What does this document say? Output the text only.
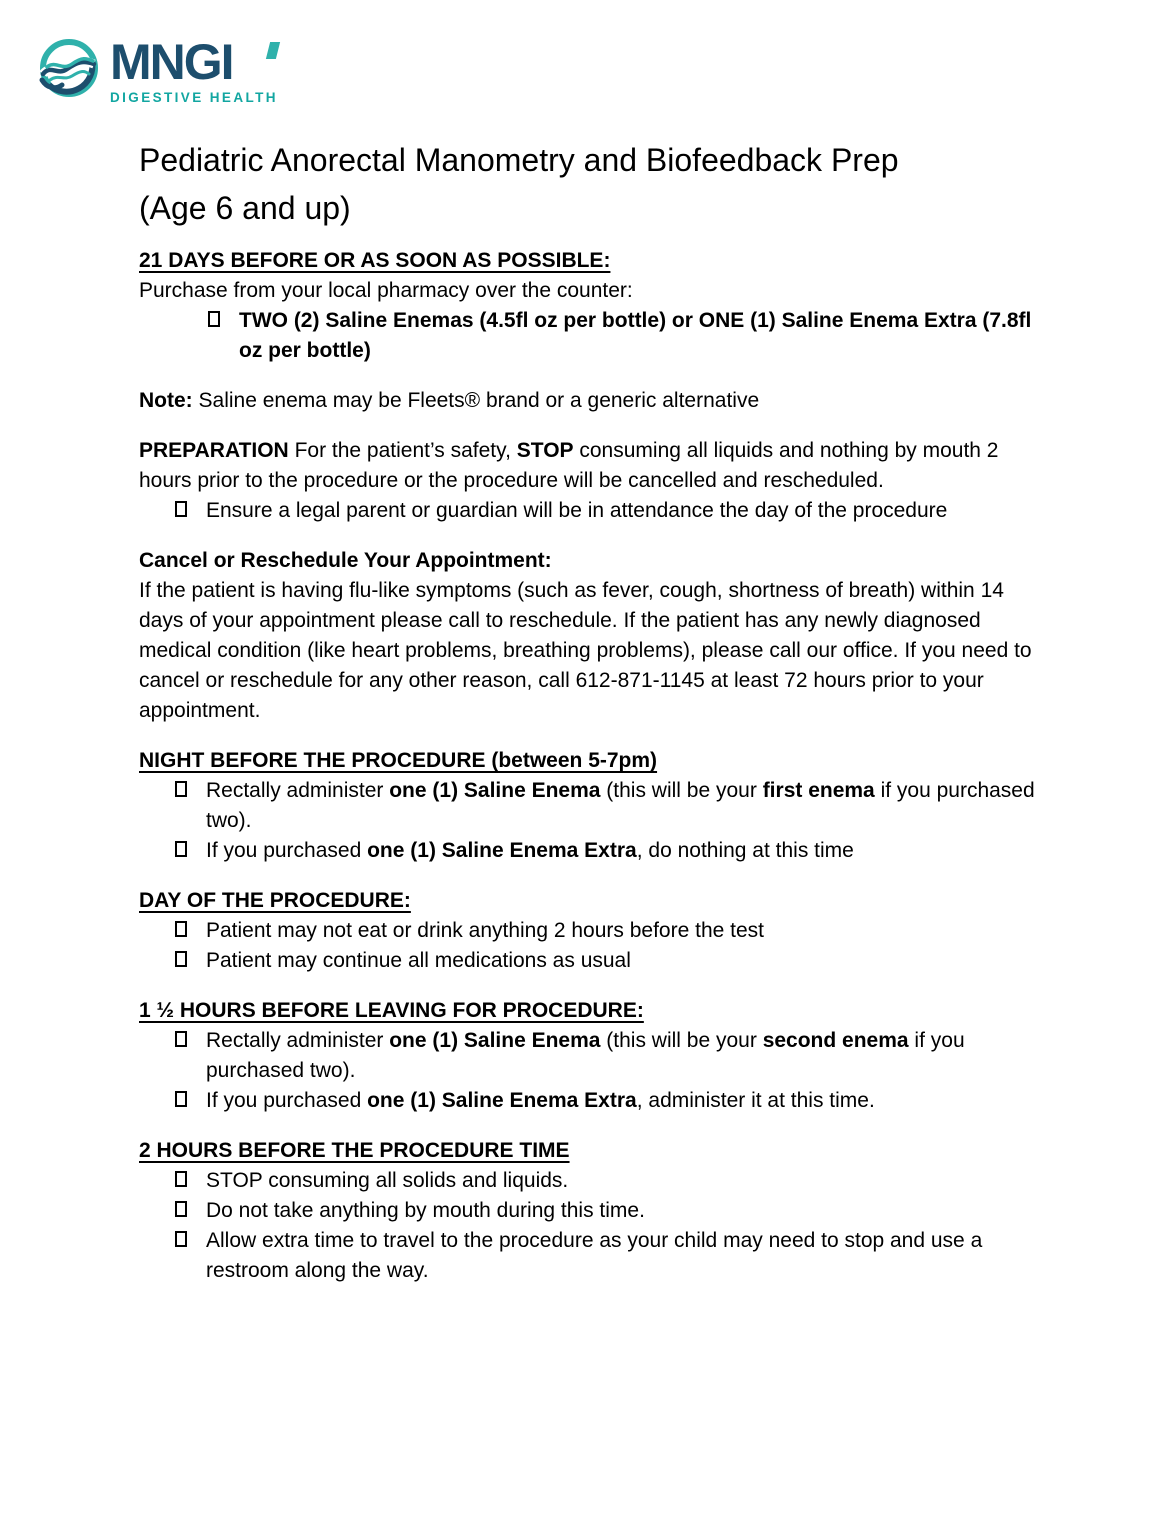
MNGI
DIGESTIVE HEALTH
Pediatric Anorectal Manometry and Biofeedback Prep
(Age 6 and up)
21 DAYS BEFORE OR AS SOON AS POSSIBLE:
Purchase from your local pharmacy over the counter:
TWO (2) Saline Enemas (4.5fl oz per bottle) or ONE (1) Saline Enema Extra (7.8fl oz per bottle)
Note: Saline enema may be Fleets® brand or a generic alternative
PREPARATION For the patient’s safety, STOP consuming all liquids and nothing by mouth 2 hours prior to the procedure or the procedure will be cancelled and rescheduled.
Ensure a legal parent or guardian will be in attendance the day of the procedure
Cancel or Reschedule Your Appointment:
If the patient is having flu-like symptoms (such as fever, cough, shortness of breath) within 14 days of your appointment please call to reschedule. If the patient has any newly diagnosed medical condition (like heart problems, breathing problems), please call our office. If you need to cancel or reschedule for any other reason, call 612-871-1145 at least 72 hours prior to your appointment.
NIGHT BEFORE THE PROCEDURE (between 5-7pm)
Rectally administer one (1) Saline Enema (this will be your first enema if you purchased two).
If you purchased one (1) Saline Enema Extra, do nothing at this time
DAY OF THE PROCEDURE:
Patient may not eat or drink anything 2 hours before the test
Patient may continue all medications as usual
1 ½ HOURS BEFORE LEAVING FOR PROCEDURE:
Rectally administer one (1) Saline Enema (this will be your second enema if you purchased two).
If you purchased one (1) Saline Enema Extra, administer it at this time.
2 HOURS BEFORE THE PROCEDURE TIME
STOP consuming all solids and liquids.
Do not take anything by mouth during this time.
Allow extra time to travel to the procedure as your child may need to stop and use a restroom along the way.
